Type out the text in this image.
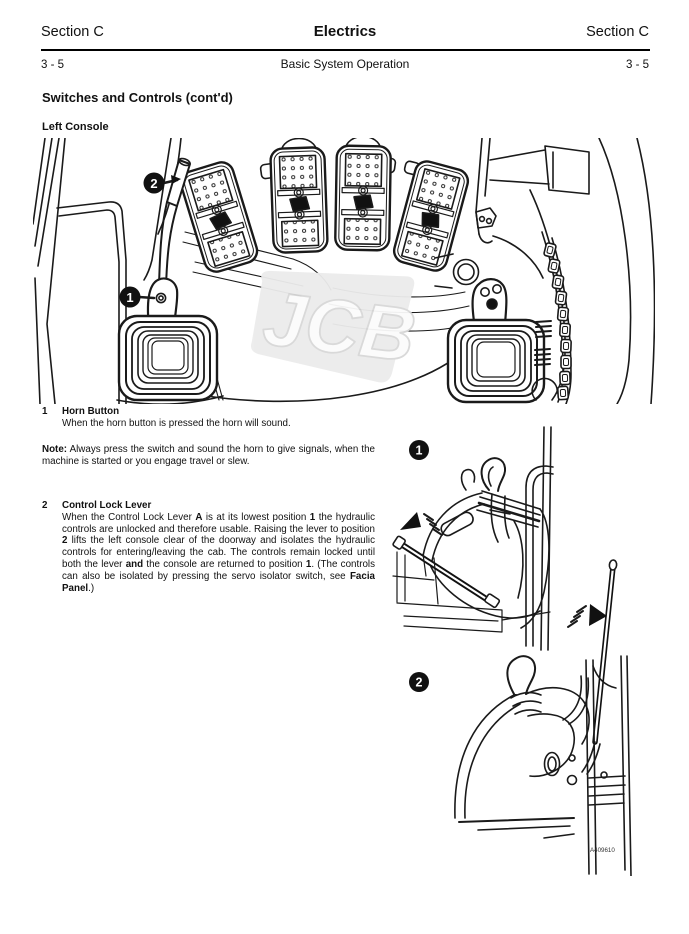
Section C	Electrics	Section C
3 - 5	Basic System Operation	3 - 5
Switches and Controls (cont'd)
Left Console
JCB
1
2
1	Horn Button
When the horn button is pressed the horn will sound.
Note: Always press the switch and sound the horn to give signals, when the machine is started or you engage travel or slew.
2	Control Lock Lever
When the Control Lock Lever A is at its lowest position 1 the hydraulic controls are unlocked and therefore usable. Raising the lever to position 2 lifts the left console clear of the doorway and isolates the hydraulic controls for entering/leaving the cab. The controls remain locked until both the lever and the console are returned to position 1. (The controls can also be isolated by pressing the servo isolator switch, see Facia Panel.)
1
2
A409610
